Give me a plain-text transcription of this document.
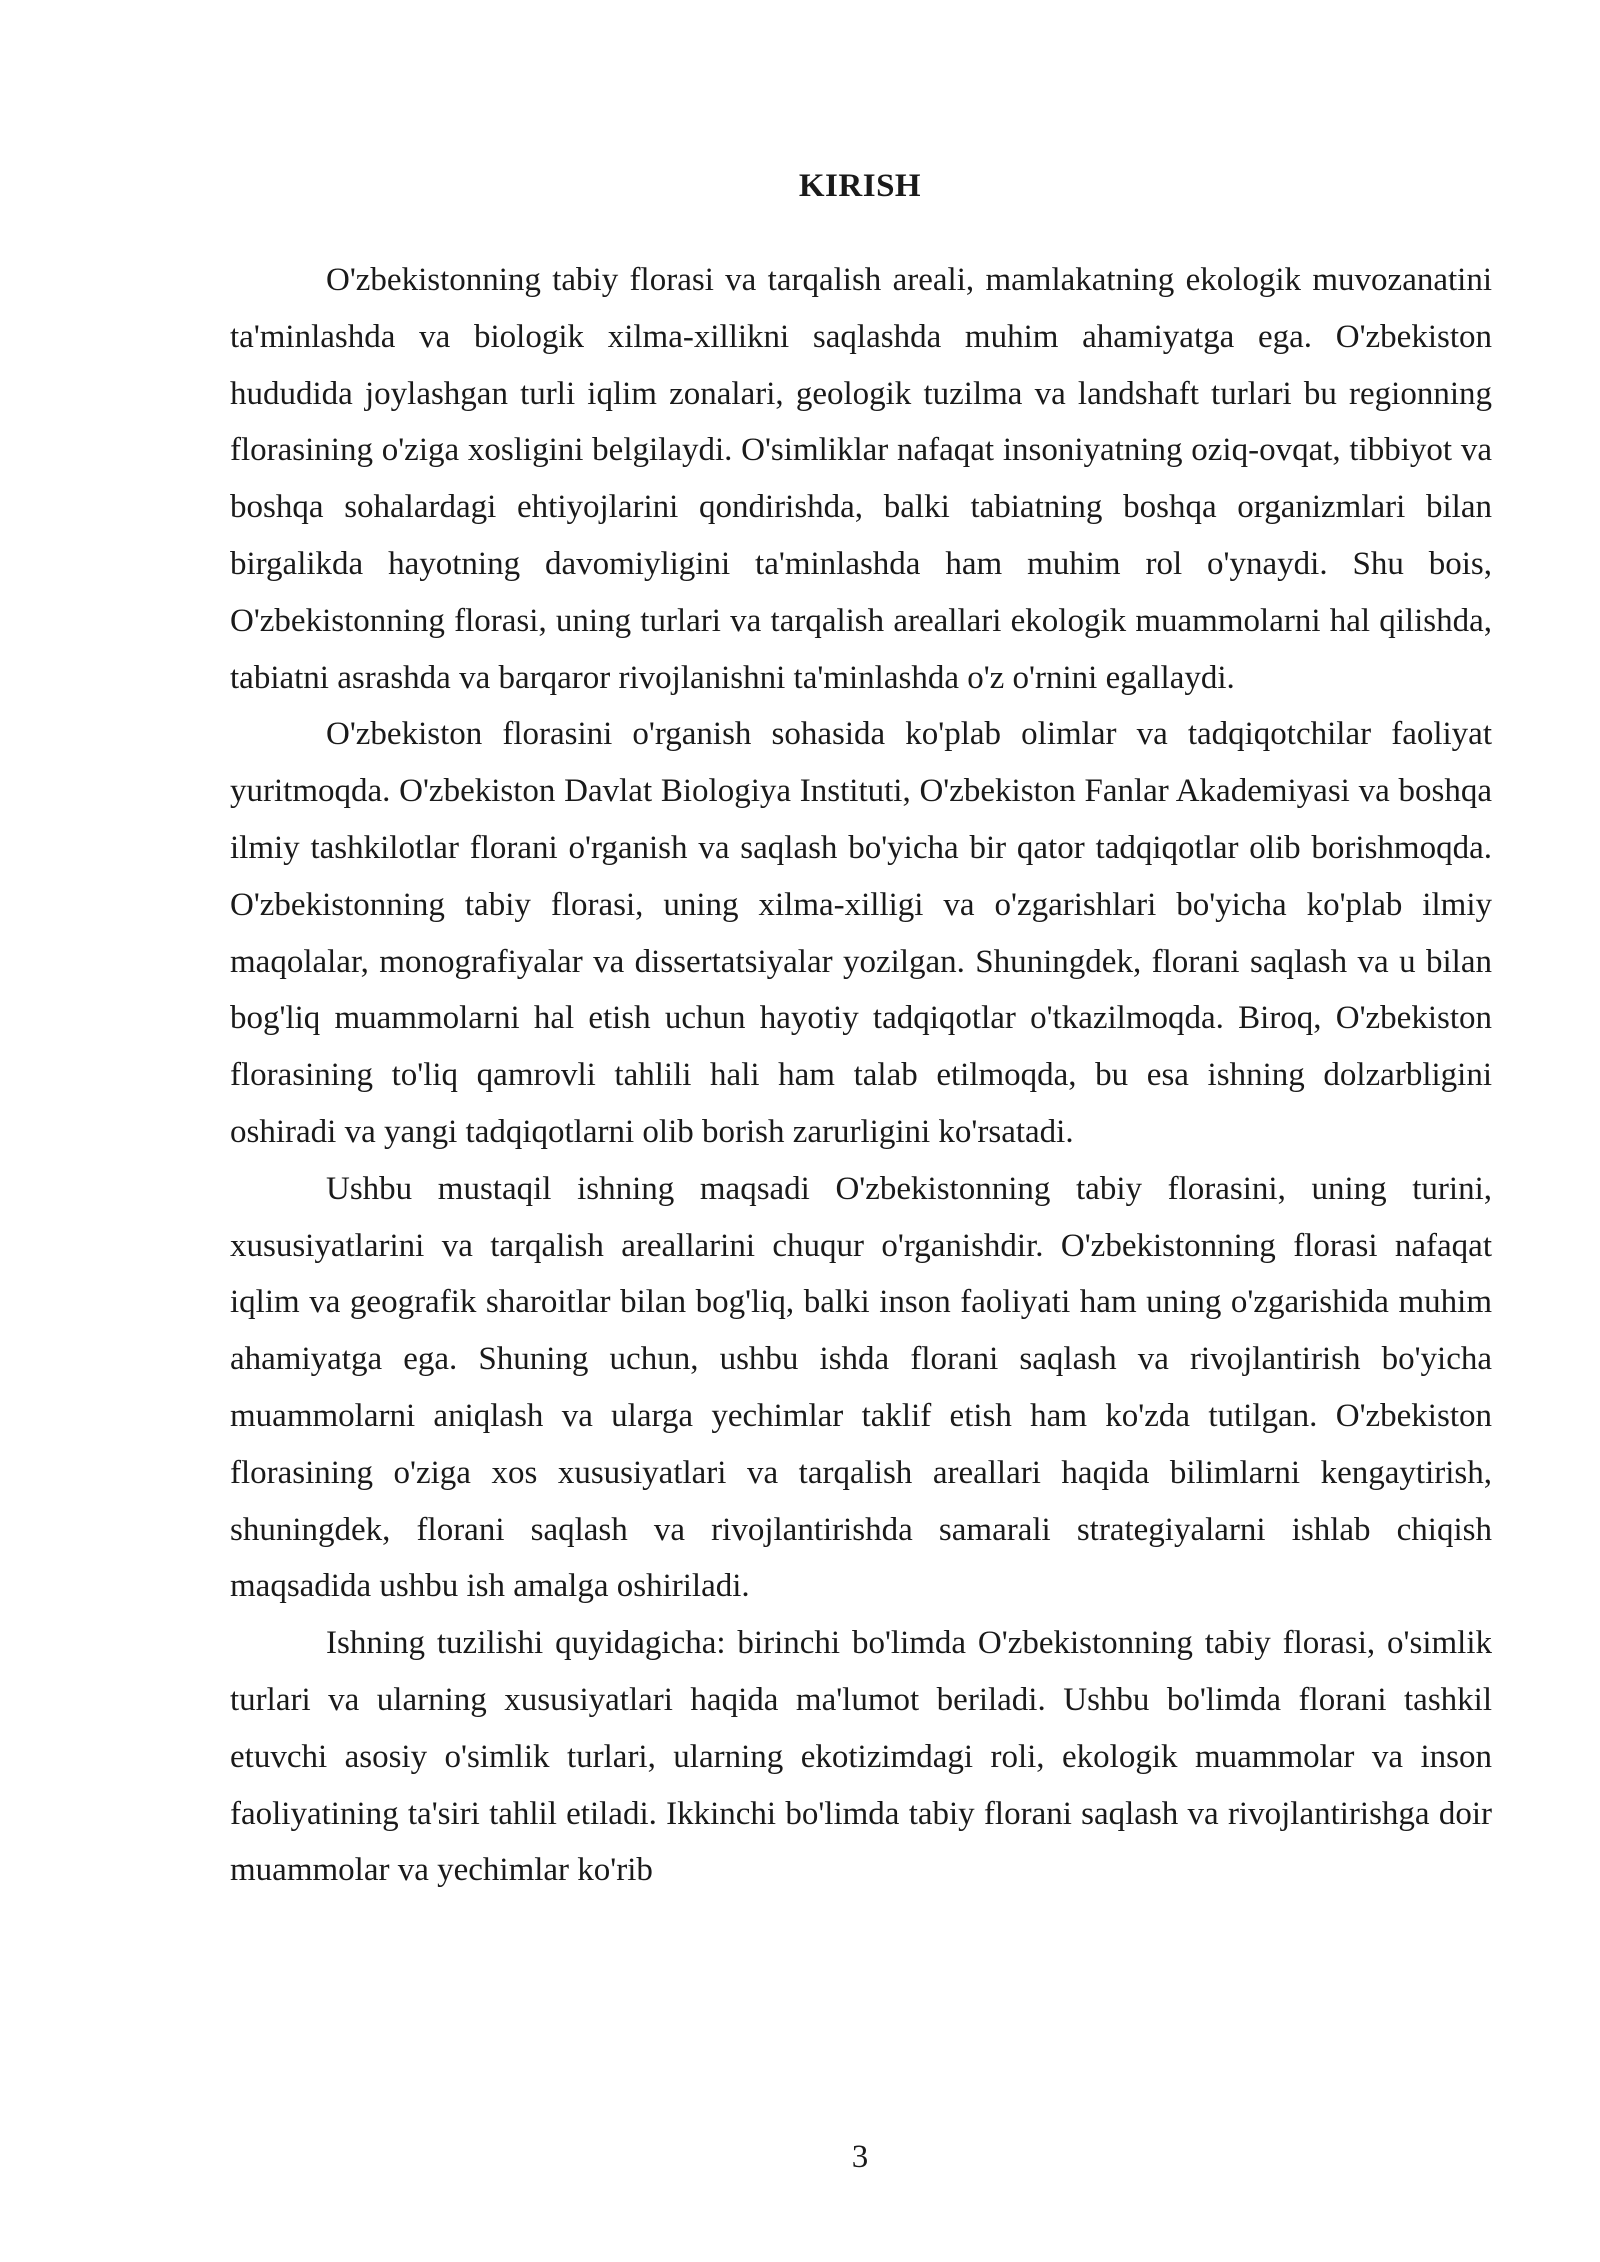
KIRISH

O'zbekistonning tabiy florasi va tarqalish areali, mamlakatning ekologik muvozanatini ta'minlashda va biologik xilma-xillikni saqlashda muhim ahamiyatga ega. O'zbekiston hududida joylashgan turli iqlim zonalari, geologik tuzilma va landshaft turlari bu regionning florasining o'ziga xosligini belgilaydi. O'simliklar nafaqat insoniyatning oziq-ovqat, tibbiyot va boshqa sohalardagi ehtiyojlarini qondirishda, balki tabiatning boshqa organizmlari bilan birgalikda hayotning davomiyligini ta'minlashda ham muhim rol o'ynaydi. Shu bois, O'zbekistonning florasi, uning turlari va tarqalish areallari ekologik muammolarni hal qilishda, tabiatni asrashda va barqaror rivojlanishni ta'minlashda o'z o'rnini egallaydi.

O'zbekiston florasini o'rganish sohasida ko'plab olimlar va tadqiqotchilar faoliyat yuritmoqda. O'zbekiston Davlat Biologiya Instituti, O'zbekiston Fanlar Akademiyasi va boshqa ilmiy tashkilotlar florani o'rganish va saqlash bo'yicha bir qator tadqiqotlar olib borishmoqda. O'zbekistonning tabiy florasi, uning xilma-xilligi va o'zgarishlari bo'yicha ko'plab ilmiy maqolalar, monografiyalar va dissertatsiyalar yozilgan. Shuningdek, florani saqlash va u bilan bog'liq muammolarni hal etish uchun hayotiy tadqiqotlar o'tkazilmoqda. Biroq, O'zbekiston florasining to'liq qamrovli tahlili hali ham talab etilmoqda, bu esa ishning dolzarbligini oshiradi va yangi tadqiqotlarni olib borish zarurligini ko'rsatadi.

Ushbu mustaqil ishning maqsadi O'zbekistonning tabiy florasini, uning turini, xususiyatlarini va tarqalish areallarini chuqur o'rganishdir. O'zbekistonning florasi nafaqat iqlim va geografik sharoitlar bilan bog'liq, balki inson faoliyati ham uning o'zgarishida muhim ahamiyatga ega. Shuning uchun, ushbu ishda florani saqlash va rivojlantirish bo'yicha muammolarni aniqlash va ularga yechimlar taklif etish ham ko'zda tutilgan. O'zbekiston florasining o'ziga xos xususiyatlari va tarqalish areallari haqida bilimlarni kengaytirish, shuningdek, florani saqlash va rivojlantirishda samarali strategiyalarni ishlab chiqish maqsadida ushbu ish amalga oshiriladi.

Ishning tuzilishi quyidagicha: birinchi bo'limda O'zbekistonning tabiy florasi, o'simlik turlari va ularning xususiyatlari haqida ma'lumot beriladi. Ushbu bo'limda florani tashkil etuvchi asosiy o'simlik turlari, ularning ekotizimdagi roli, ekologik muammolar va inson faoliyatining ta'siri tahlil etiladi. Ikkinchi bo'limda tabiy florani saqlash va rivojlantirishga doir muammolar va yechimlar ko'rib

3
